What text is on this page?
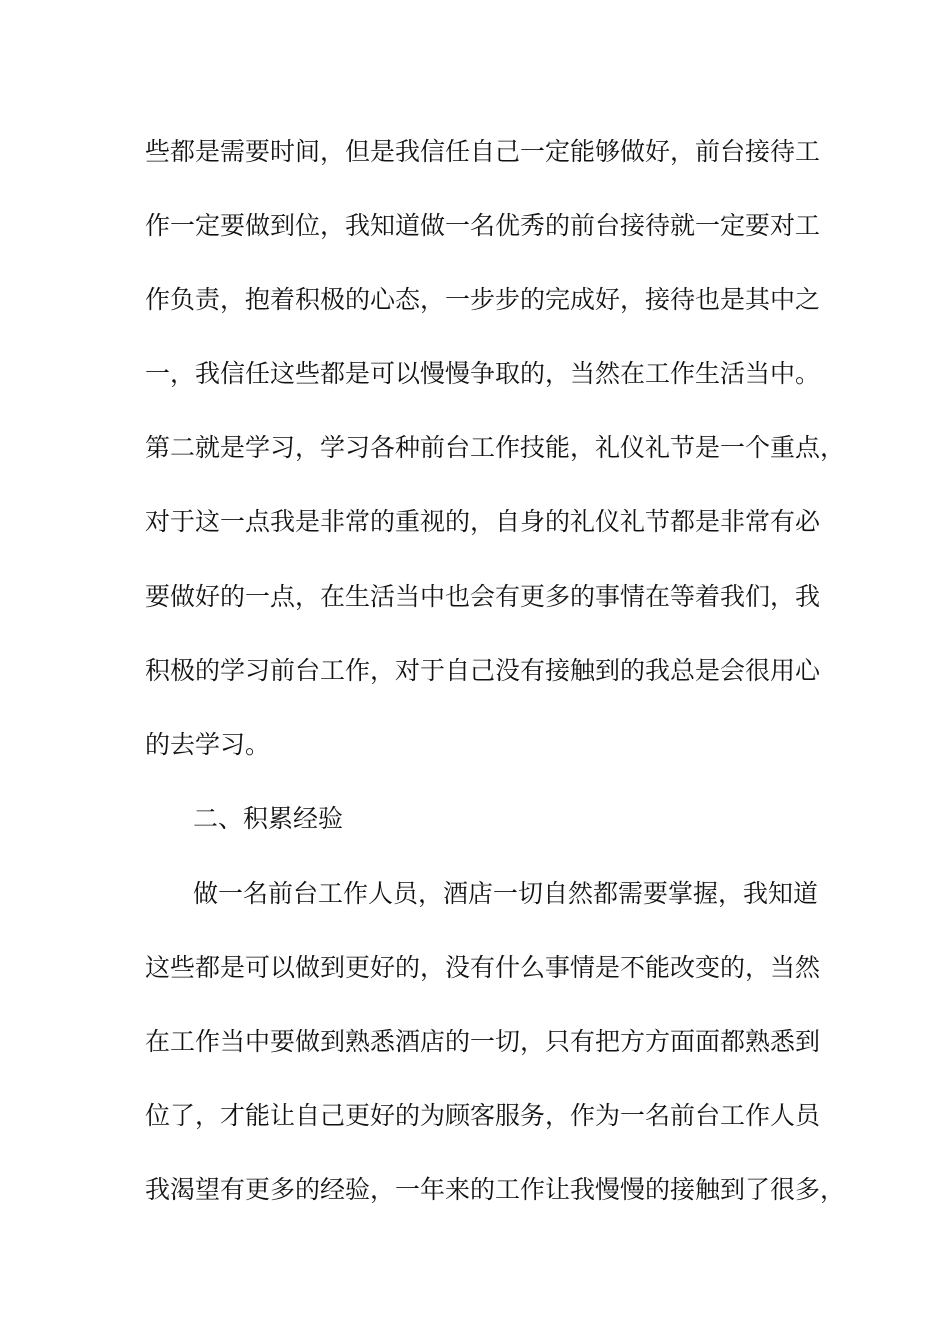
些都是需要时间，但是我信任自己一定能够做好，前台接待工
作一定要做到位，我知道做一名优秀的前台接待就一定要对工
作负责，抱着积极的心态，一步步的完成好，接待也是其中之
一，我信任这些都是可以慢慢争取的，当然在工作生活当中。
第二就是学习，学习各种前台工作技能，礼仪礼节是一个重点，
对于这一点我是非常的重视的，自身的礼仪礼节都是非常有必
要做好的一点，在生活当中也会有更多的事情在等着我们，我
积极的学习前台工作，对于自己没有接触到的我总是会很用心
的去学习。
二、积累经验
做一名前台工作人员，酒店一切自然都需要掌握，我知道
这些都是可以做到更好的，没有什么事情是不能改变的，当然
在工作当中要做到熟悉酒店的一切，只有把方方面面都熟悉到
位了，才能让自己更好的为顾客服务，作为一名前台工作人员
我渴望有更多的经验，一年来的工作让我慢慢的接触到了很多，
